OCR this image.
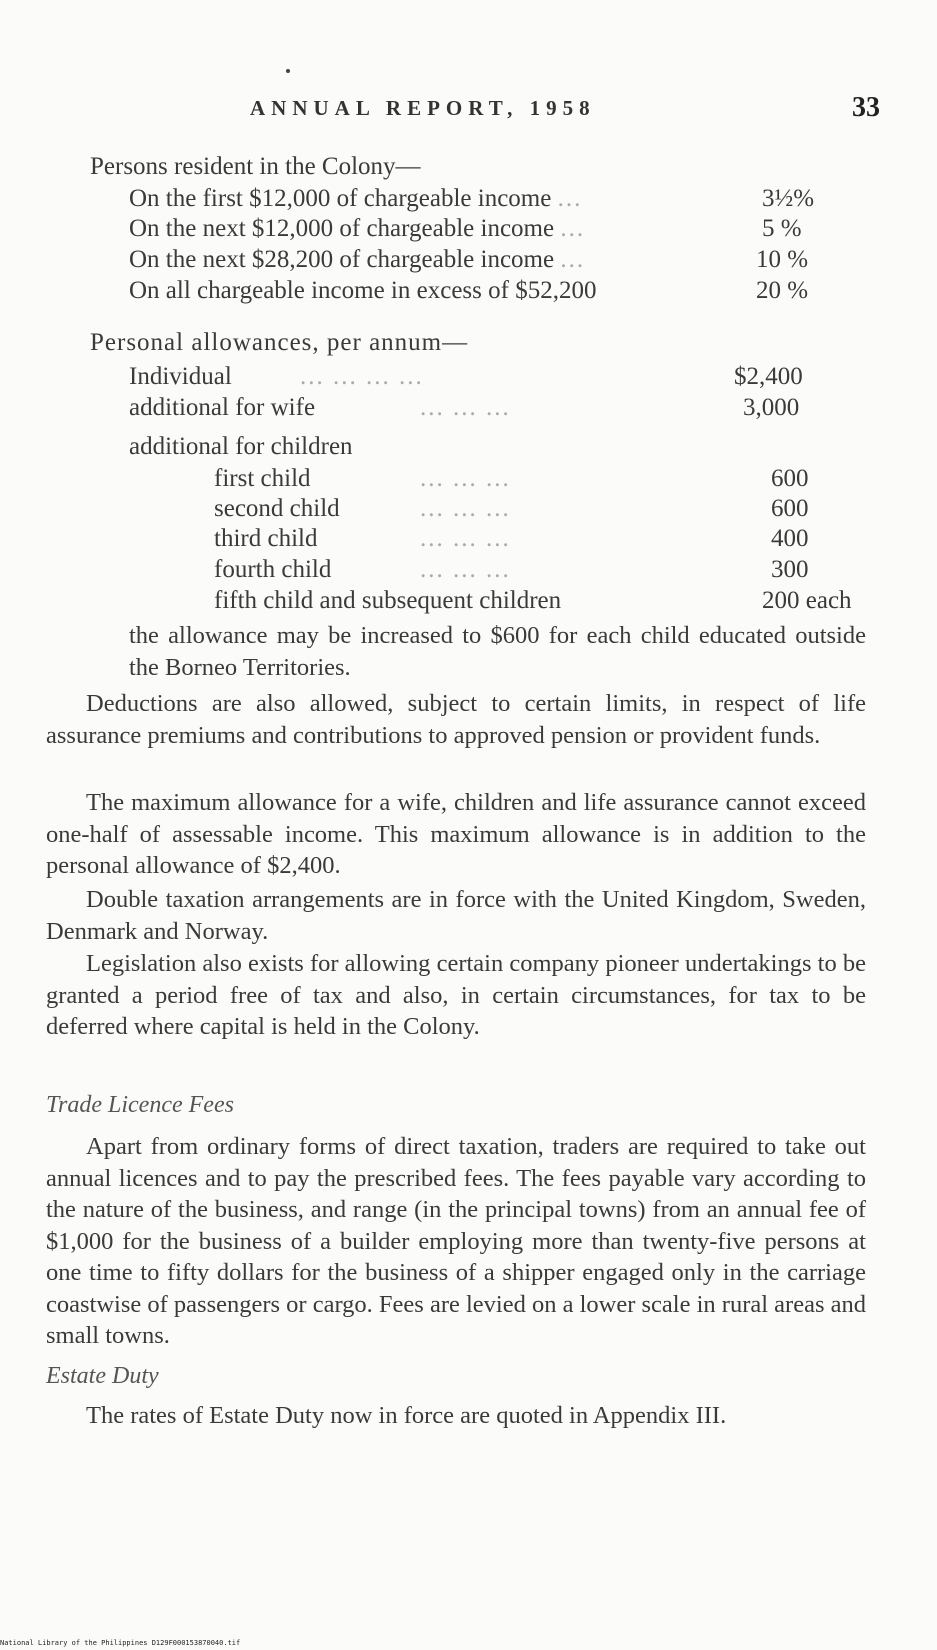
ANNUAL REPORT, 1958	33
Persons resident in the Colony—
On the first $12,000 of chargeable income ...	3½%
On the next $12,000 of chargeable income ...	5 %
On the next $28,200 of chargeable income ...	10 %
On all chargeable income in excess of $52,200	20 %
Personal allowances, per annum—
Individual	... ... ... ...	$2,400
additional for wife	... ... ...	3,000
additional for children
first child	... ... ...	600
second child	... ... ...	600
third child	... ... ...	400
fourth child	... ... ...	300
fifth child and subsequent children	200 each
the allowance may be increased to $600 for each child educated outside the Borneo Territories.
Deductions are also allowed, subject to certain limits, in respect of life assurance premiums and contributions to approved pension or provident funds.
The maximum allowance for a wife, children and life assurance cannot exceed one-half of assessable income. This maximum allowance is in addition to the personal allowance of $2,400.
Double taxation arrangements are in force with the United Kingdom, Sweden, Denmark and Norway.
Legislation also exists for allowing certain company pioneer undertakings to be granted a period free of tax and also, in certain circumstances, for tax to be deferred where capital is held in the Colony.
Trade Licence Fees
Apart from ordinary forms of direct taxation, traders are required to take out annual licences and to pay the prescribed fees. The fees payable vary according to the nature of the business, and range (in the principal towns) from an annual fee of $1,000 for the business of a builder employing more than twenty-five persons at one time to fifty dollars for the business of a shipper engaged only in the carriage coastwise of passengers or cargo. Fees are levied on a lower scale in rural areas and small towns.
Estate Duty
The rates of Estate Duty now in force are quoted in Appendix III.
National Library of the Philippines D129F000153870040.tif
